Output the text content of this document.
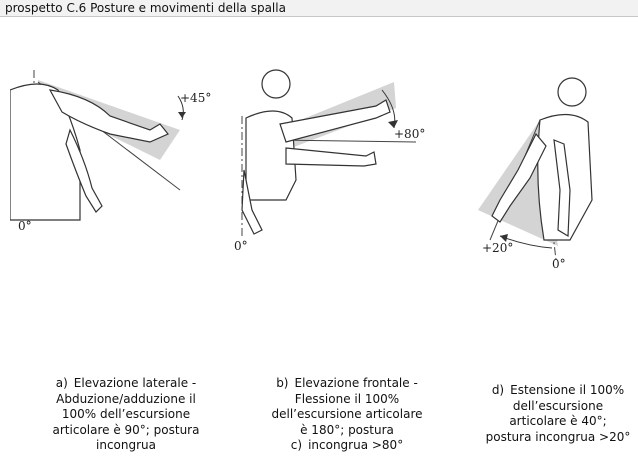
prospetto C.6 Posture e movimenti della spalla
+45°
0°
+80°
0°	+20°
0°
a) Elevazione laterale -
Abduzione/adduzione il
100% dell’escursione
articolare è 90°; postura
incongrua
b) Elevazione frontale -
Flessione il 100%
dell’escursione articolare
è 180°; postura
c) incongrua >80°
d) Estensione il 100%
dell’escursione
articolare è 40°;
postura incongrua >20°
